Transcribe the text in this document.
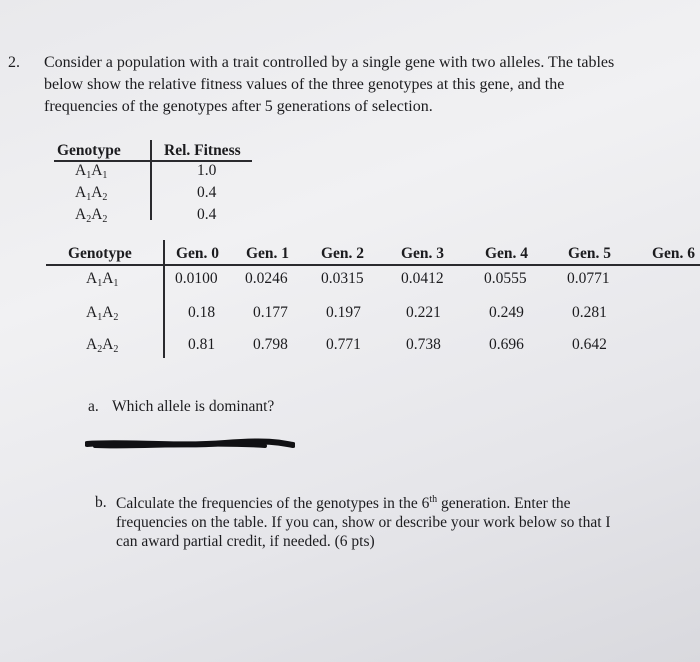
2. Consider a population with a trait controlled by a single gene with two alleles. The tables
below show the relative fitness values of the three genotypes at this gene, and the
frequencies of the genotypes after 5 generations of selection.
Genotype	Rel. Fitness
$A_1A_1$	1.0
$A_1A_2$	0.4
$A_2A_2$	0.4
Genotype	Gen. 0 Gen. 1 Gen. 2 Gen. 3	Gen. 4	Gen. 5	Gen. 6
$A_1A_1$	0.0100 0.0246 0.0315 0.0412	0.0555	0.0771
$A_1A_2$	0.18 0.177 0.197	0.221	0.249	0.281
$A_2A_2$	0.81 0.798 0.771	0.738	0.696	0.642
a. Which allele is dominant?
b. Calculate the frequencies of the genotypes in the 6th generation. Enter the
frequencies on the table. If you can, show or describe your work below so that I
can award partial credit, if needed. (6 pts)
